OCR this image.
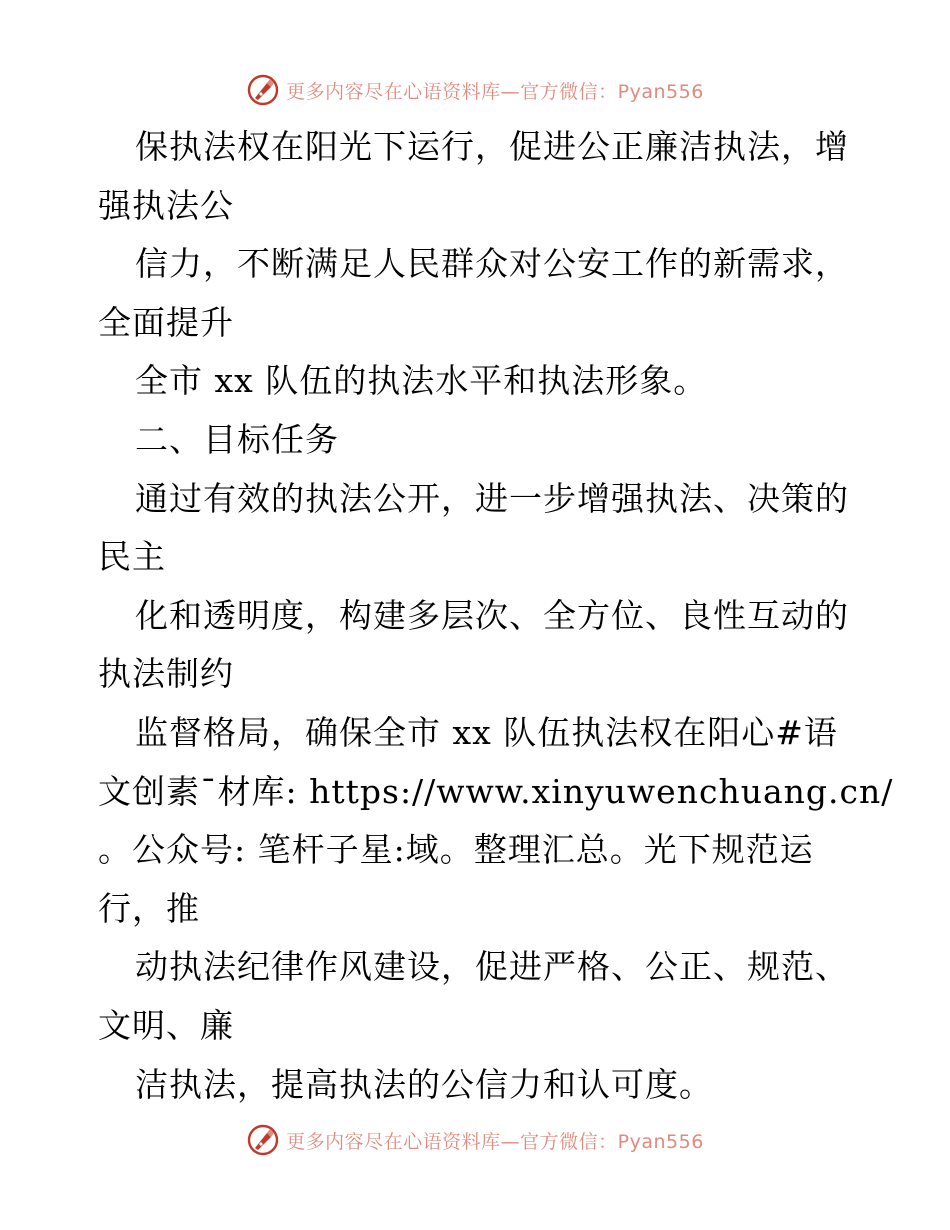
更多内容尽在心语资料库—官方微信：Pyan556
保执法权在阳光下运行，促进公正廉洁执法，增
强执法公
信力，不断满足人民群众对公安工作的新需求，
全面提升
全市 xx 队伍的执法水平和执法形象。
二、目标任务
通过有效的执法公开，进一步增强执法、决策的
民主
化和透明度，构建多层次、全方位、良性互动的
执法制约
监督格局，确保全市 xx 队伍执法权在阳心#语
文创素¯材库: https://www.xinyuwenchuang.cn/
。公众号: 笔杆子星:域。整理汇总。光下规范运
行，推
动执法纪律作风建设，促进严格、公正、规范、
文明、廉
洁执法，提高执法的公信力和认可度。
更多内容尽在心语资料库—官方微信：Pyan556
